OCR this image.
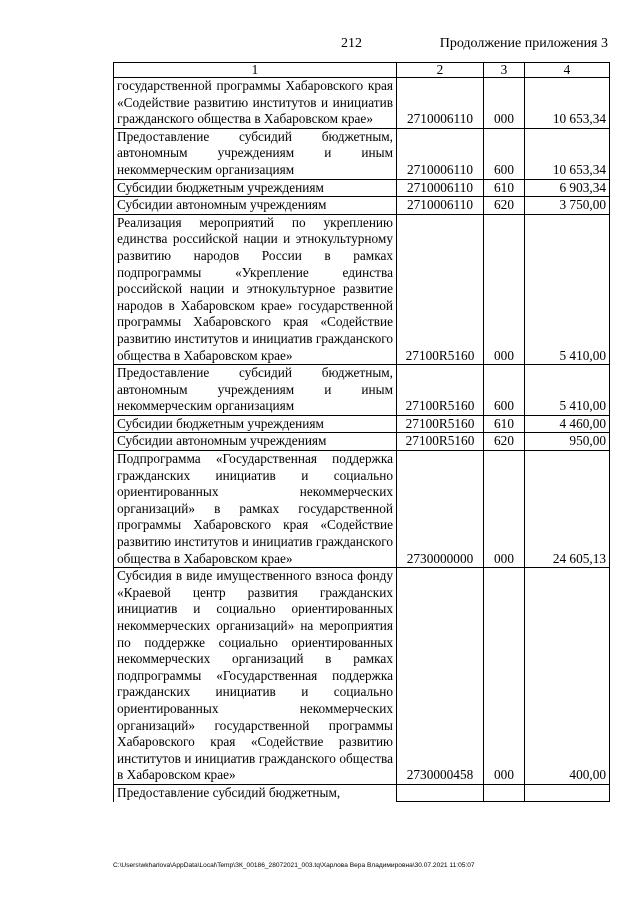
212	Продолжение приложения 3
1	2	3	4
государственной программы Хабаровского края «Содействие развитию институтов и инициатив гражданского общества в Хабаровском крае»	2710006110	000	10 653,34
Предоставление субсидий бюджетным, автономным учреждениям и иным некоммерческим организациям	2710006110	600	10 653,34
Субсидии бюджетным учреждениям	2710006110	610	6 903,34
Субсидии автономным учреждениям	2710006110	620	3 750,00
Реализация мероприятий по укреплению единства российской нации и этнокультурному развитию народов России в рамках подпрограммы «Укрепление единства российской нации и этнокультурное развитие народов в Хабаровском крае» государственной программы Хабаровского края «Содействие развитию институтов и инициатив гражданского общества в Хабаровском крае»	27100R5160	000	5 410,00
Предоставление субсидий бюджетным, автономным учреждениям и иным некоммерческим организациям	27100R5160	600	5 410,00
Субсидии бюджетным учреждениям	27100R5160	610	4 460,00
Субсидии автономным учреждениям	27100R5160	620	950,00
Подпрограмма «Государственная поддержка гражданских инициатив и социально ориентированных некоммерческих организаций» в рамках государственной программы Хабаровского края «Содействие развитию институтов и инициатив гражданского общества в Хабаровском крае»	2730000000	000	24 605,13
Субсидия в виде имущественного взноса фонду «Краевой центр развития гражданских инициатив и социально ориентированных некоммерческих организаций» на мероприятия по поддержке социально ориентированных некоммерческих организаций в рамках подпрограммы «Государственная поддержка гражданских инициатив и социально ориентированных некоммерческих организаций» государственной программы Хабаровского края «Содействие развитию институтов и инициатив гражданского общества в Хабаровском крае»	2730000458	000	400,00
Предоставление субсидий бюджетным,			
C:\Users\wkharlova\AppData\Local\Temp\ЗК_00186_28072021_003.tq\Харлова Вера Владимировна\30.07.2021 11:05:07
